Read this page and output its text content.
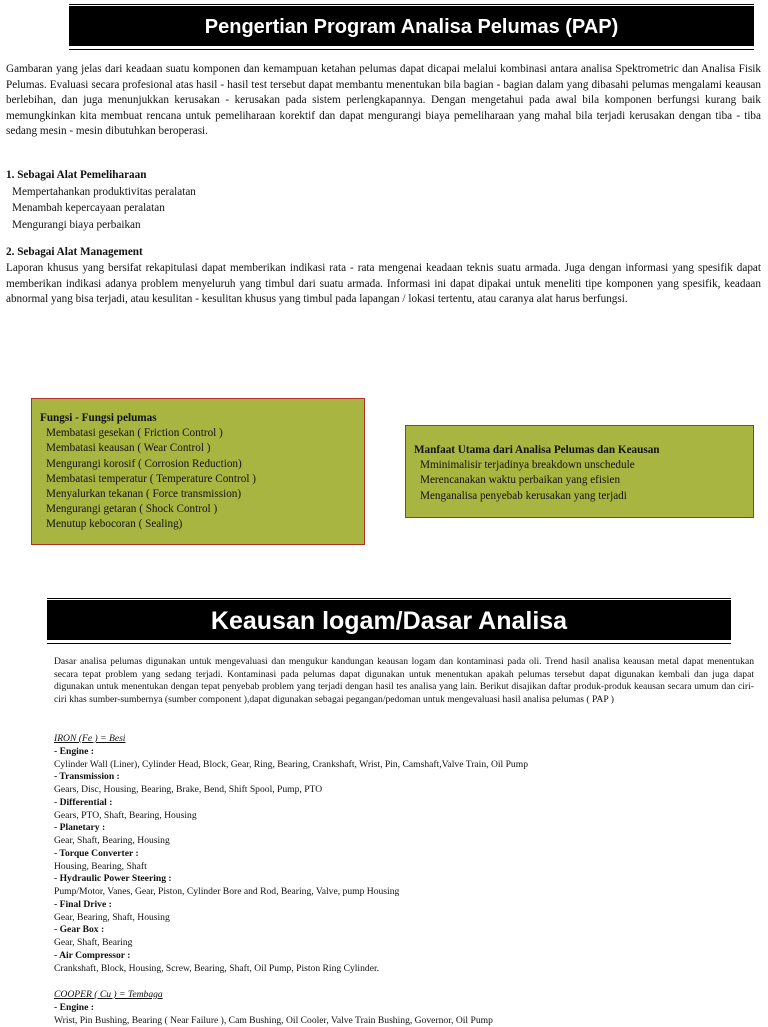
Pengertian Program Analisa Pelumas (PAP)

Gambaran yang jelas dari keadaan suatu komponen dan kemampuan ketahan pelumas dapat dicapai melalui kombinasi antara analisa Spektrometric dan Analisa Fisik Pelumas. Evaluasi secara profesional atas hasil - hasil test tersebut dapat membantu menentukan bila bagian - bagian dalam yang dibasahi pelumas mengalami keausan berlebihan, dan juga menunjukkan kerusakan - kerusakan pada sistem perlengkapannya. Dengan mengetahui pada awal bila komponen berfungsi kurang baik memungkinkan kita membuat rencana untuk pemeliharaan korektif dan dapat mengurangi biaya pemeliharaan yang mahal bila terjadi kerusakan dengan tiba - tiba sedang mesin - mesin dibutuhkan beroperasi.

1. Sebagai Alat Pemeliharaan
Mempertahankan produktivitas peralatan
Menambah kepercayaan peralatan
Mengurangi biaya perbaikan
2. Sebagai Alat Management

Laporan khusus yang bersifat rekapitulasi dapat memberikan indikasi rata - rata mengenai keadaan teknis suatu armada. Juga dengan informasi yang spesifik dapat memberikan indikasi adanya problem menyeluruh yang timbul dari suatu armada. Informasi ini dapat dipakai untuk meneliti tipe komponen yang spesifik, keadaan abnormal yang bisa terjadi, atau kesulitan - kesulitan khusus yang timbul pada lapangan / lokasi tertentu, atau caranya alat harus berfungsi.

Fungsi - Fungsi pelumas
Membatasi gesekan ( Friction Control )
Membatasi keausan ( Wear Control )
Mengurangi korosif ( Corrosion Reduction)
Membatasi temperatur ( Temperature Control )
Menyalurkan tekanan ( Force transmission)
Mengurangi getaran ( Shock Control )
Menutup kebocoran ( Sealing)
Manfaat Utama dari Analisa Pelumas dan Keausan
Mminimalisir terjadinya breakdown unschedule
Merencanakan waktu perbaikan yang efisien
Menganalisa penyebab kerusakan yang terjadi
Keausan logam/Dasar Analisa

Dasar analisa pelumas digunakan untuk mengevaluasi dan mengukur kandungan keausan logam dan kontaminasi pada oli. Trend hasil analisa keausan metal dapat menentukan secara tepat problem yang sedang terjadi. Kontaminasi pada pelumas dapat digunakan untuk menentukan apakah pelumas tersebut dapat digunakan kembali dan juga dapat digunakan untuk menentukan dengan tepat penyebab problem yang terjadi dengan hasil tes analisa yang lain. Berikut disajikan daftar produk-produk keausan secara umum dan ciri-ciri khas sumber-sumbernya (sumber component ),dapat digunakan sebagai pegangan/pedoman untuk mengevaluasi hasil analisa pelumas ( PAP )

IRON (Fe ) = Besi
- Engine :
Cylinder Wall (Liner), Cylinder Head, Block, Gear, Ring, Bearing, Crankshaft, Wrist, Pin, Camshaft,Valve Train, Oil Pump
- Transmission :
Gears, Disc, Housing, Bearing, Brake, Bend, Shift Spool, Pump, PTO
- Differential :
Gears, PTO, Shaft, Bearing, Housing
- Planetary :
Gear, Shaft, Bearing, Housing
- Torque Converter :
Housing, Bearing, Shaft
- Hydraulic Power Steering :
Pump/Motor, Vanes, Gear, Piston, Cylinder Bore and Rod, Bearing, Valve, pump Housing
- Final Drive :
Gear, Bearing, Shaft, Housing
- Gear Box :
Gear, Shaft, Bearing
- Air Compressor :
Crankshaft, Block, Housing, Screw, Bearing, Shaft, Oil Pump, Piston Ring Cylinder.
COOPER ( Cu ) = Tembaga
- Engine :
Wrist, Pin Bushing, Bearing ( Near Failure ), Cam Bushing, Oil Cooler, Valve Train Bushing, Governor, Oil Pump
